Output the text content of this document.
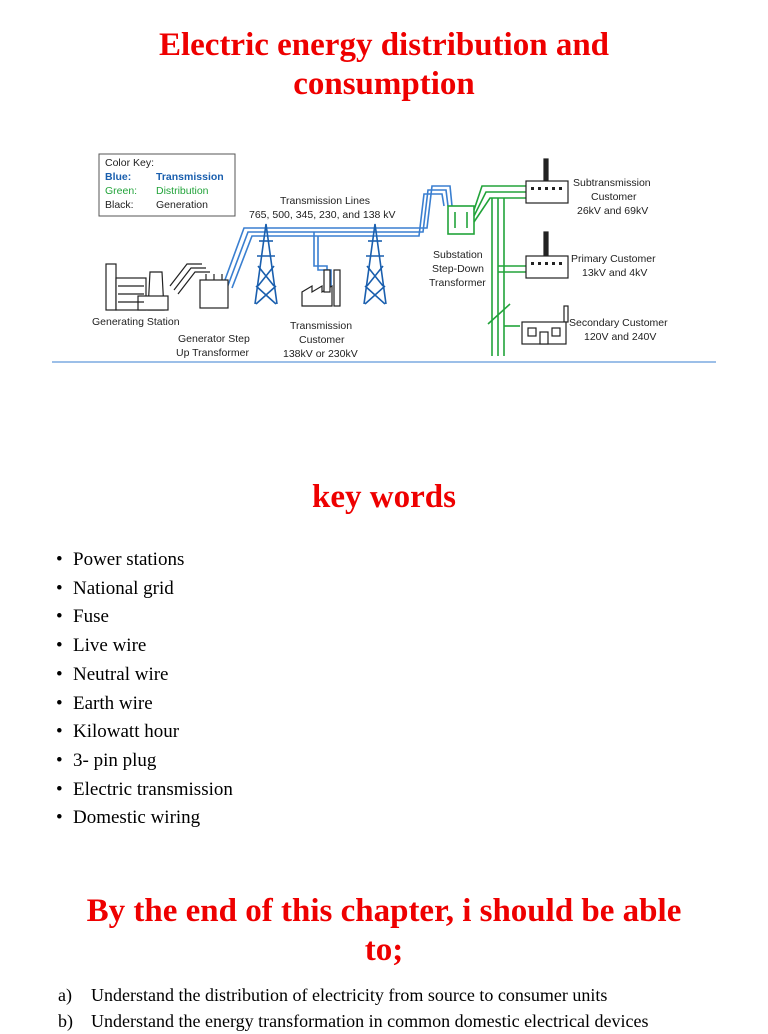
Electric energy distribution and
consumption
Color Key:
Blue: Transmission
Green: Distribution
Black: Generation	Transmission Lines
765, 500, 345, 230, and 138 kV
Generating Station
Generator Step
Up Transformer
Transmission
Customer
138kV or 230kV
Substation
Step-Down
Transformer
Subtransmission
Customer
26kV and 69kV
Primary Customer
13kV and 4kV
Secondary Customer
120V and 240V
key words
• Power stations
• National grid
• Fuse
• Live wire
• Neutral wire
• Earth wire
• Kilowatt hour
• 3- pin plug
• Electric transmission
• Domestic wiring
By the end of this chapter, i should be able
to;
a) Understand the distribution of electricity from source to consumer units
b) Understand the energy transformation in common domestic electrical devices
